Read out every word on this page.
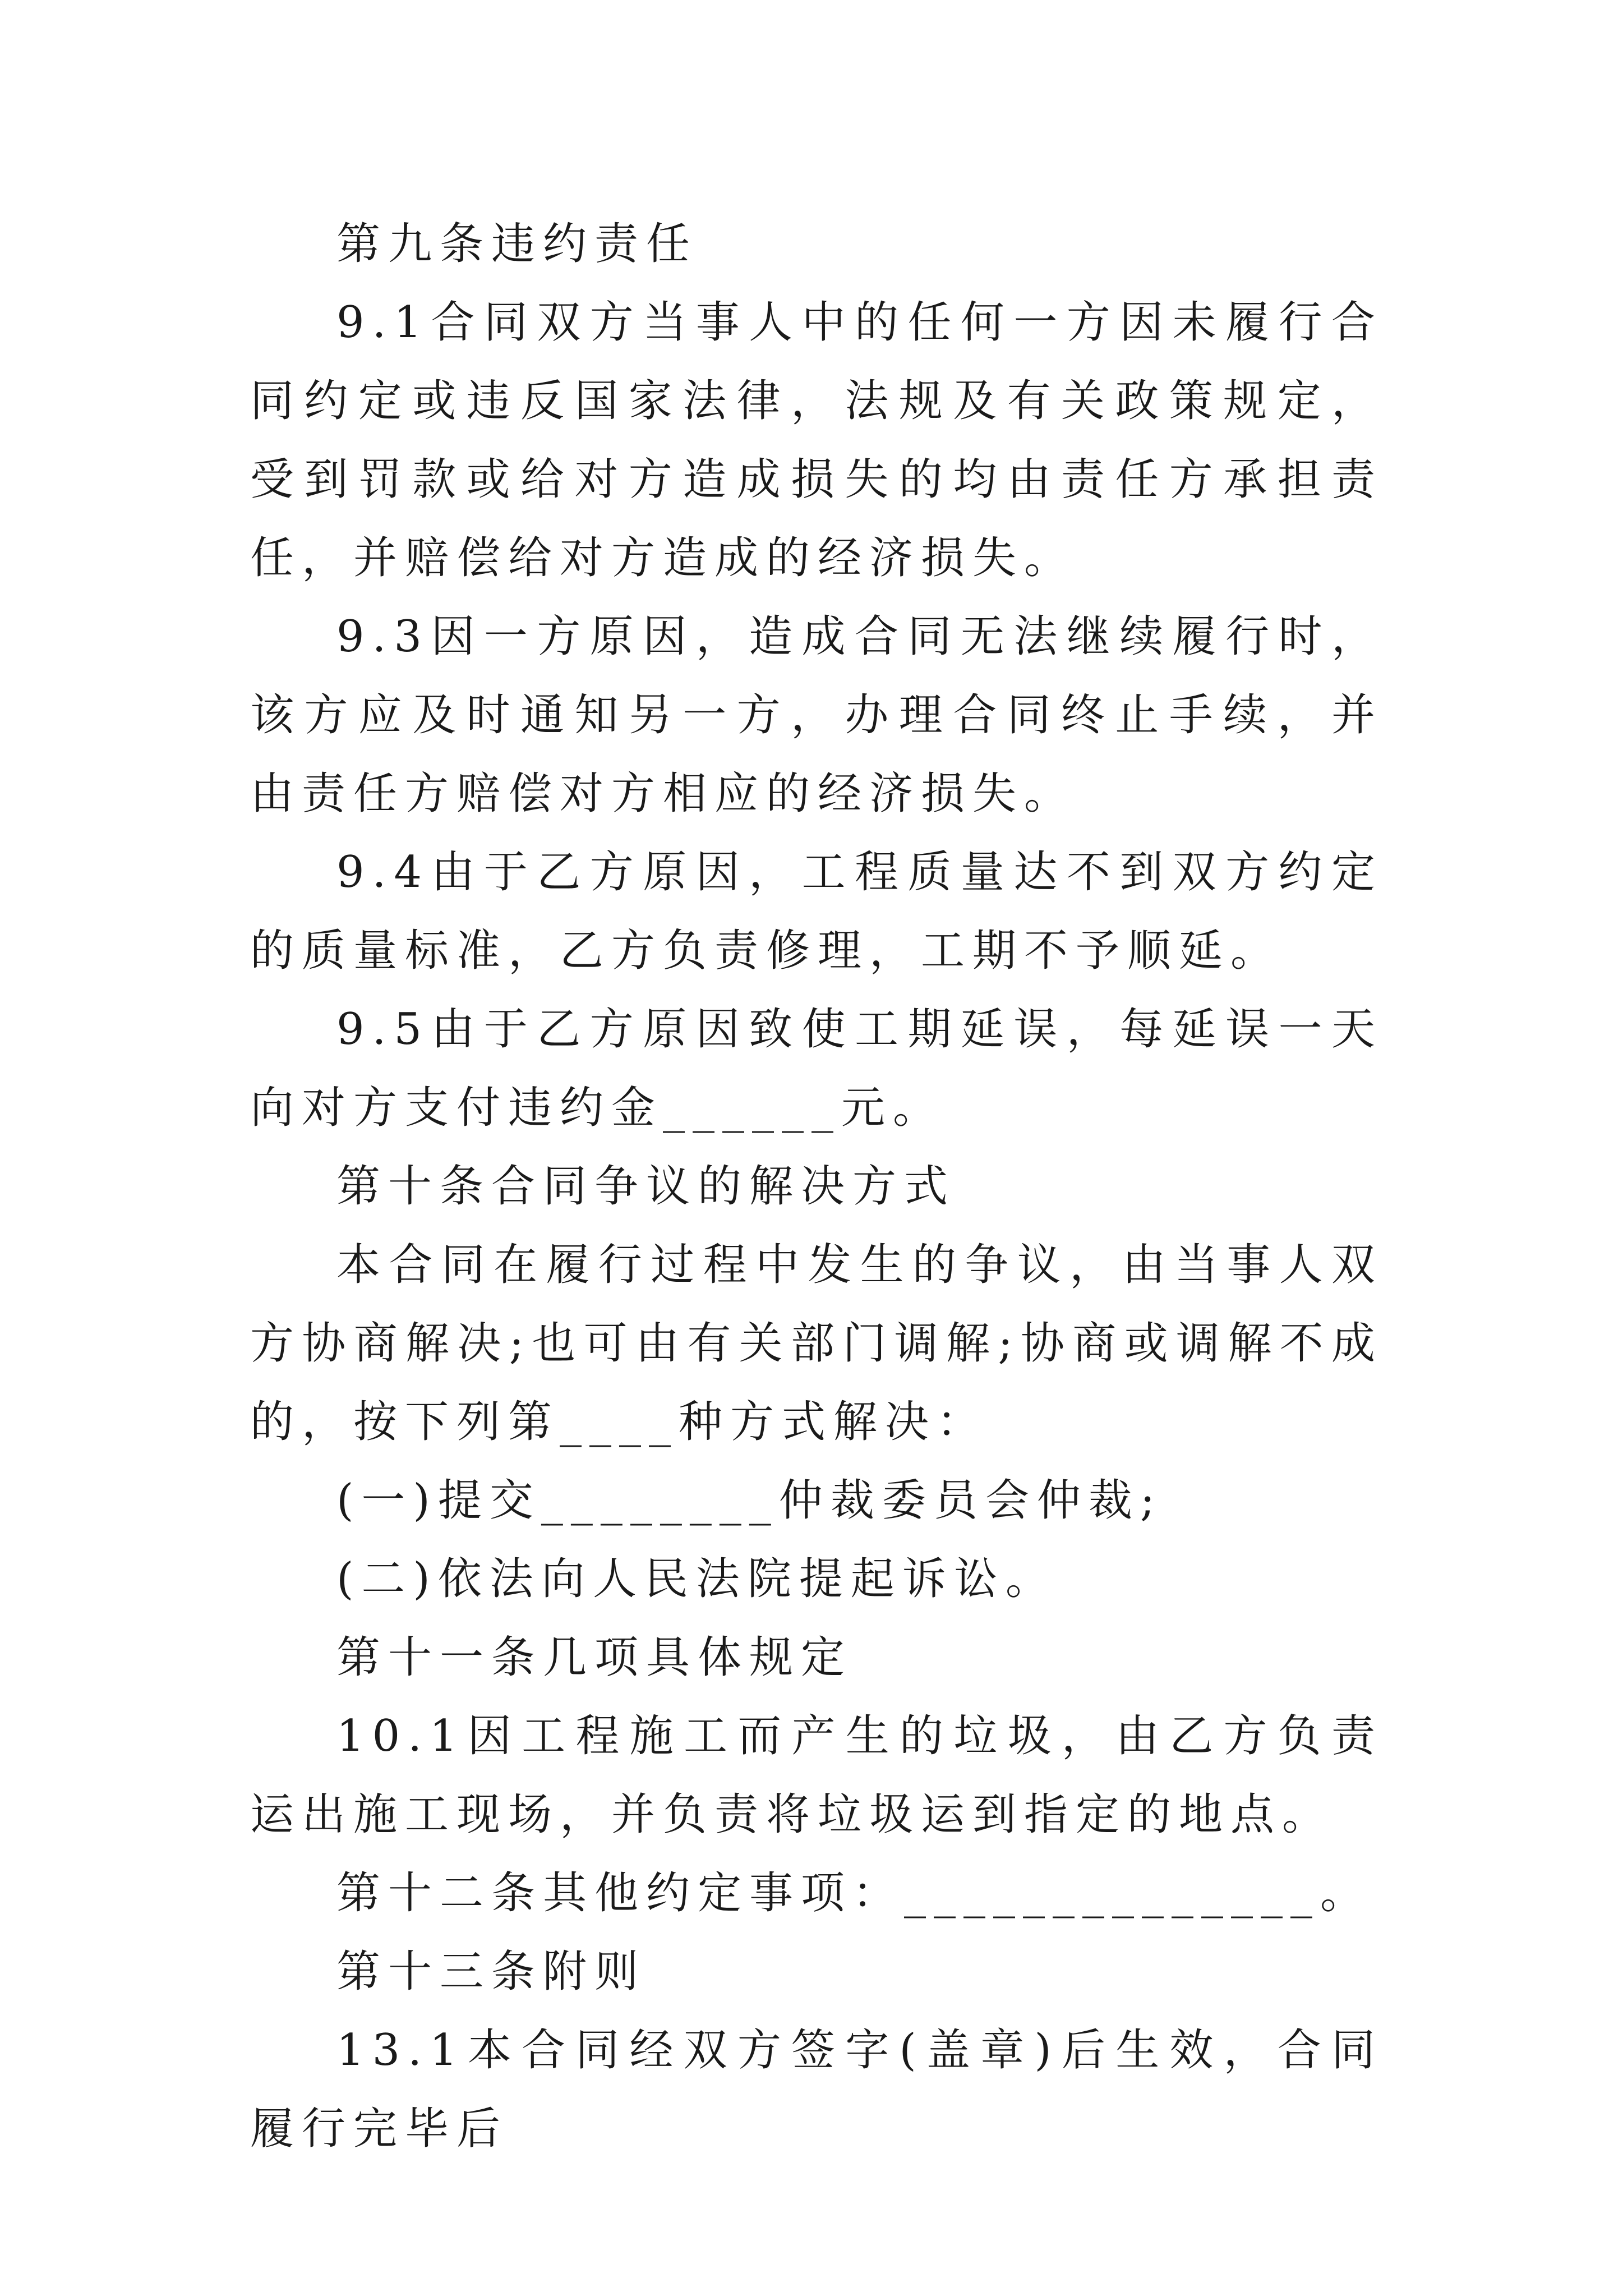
第九条违约责任

9.1合同双方当事人中的任何一方因未履行合同约定或违反国家法律，法规及有关政策规定，受到罚款或给对方造成损失的均由责任方承担责任，并赔偿给对方造成的经济损失。

9.3因一方原因，造成合同无法继续履行时，该方应及时通知另一方，办理合同终止手续，并由责任方赔偿对方相应的经济损失。

9.4由于乙方原因，工程质量达不到双方约定的质量标准，乙方负责修理，工期不予顺延。

9.5由于乙方原因致使工期延误，每延误一天向对方支付违约金______元。

第十条合同争议的解决方式

本合同在履行过程中发生的争议，由当事人双方协商解决;也可由有关部门调解;协商或调解不成的，按下列第____种方式解决：

(一)提交________仲裁委员会仲裁;

(二)依法向人民法院提起诉讼。

第十一条几项具体规定

10.1因工程施工而产生的垃圾，由乙方负责运出施工现场，并负责将垃圾运到指定的地点。

第十二条其他约定事项：______________。

第十三条附则

13.1本合同经双方签字(盖章)后生效，合同履行完毕后
